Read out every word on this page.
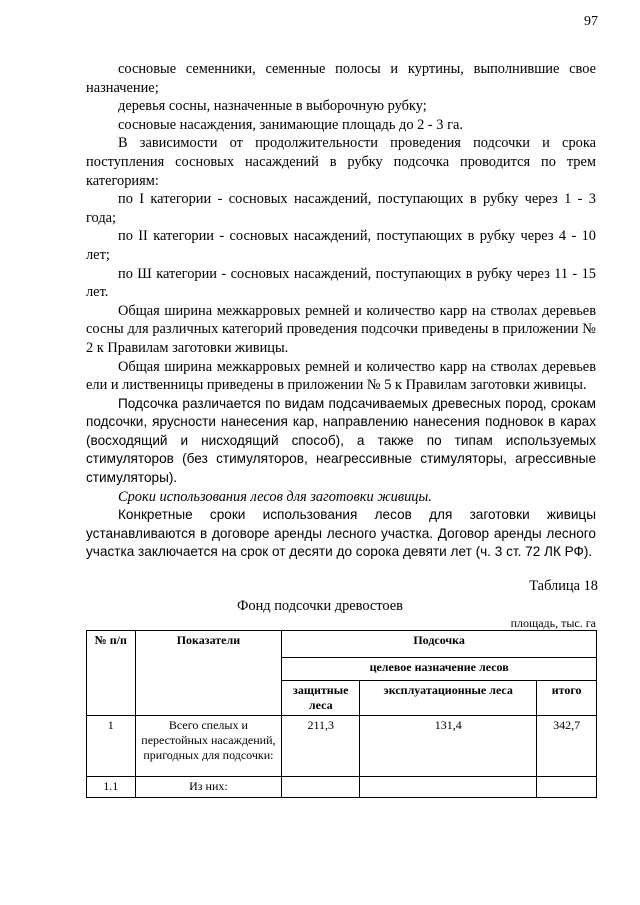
97

сосновые семенники, семенные полосы и куртины, выполнившие свое назначение;

деревья сосны, назначенные в выборочную рубку;

сосновые насаждения, занимающие площадь до 2 - 3 га.

В зависимости от продолжительности проведения подсочки и срока поступления сосновых насаждений в рубку подсочка проводится по трем категориям:

по I категории - сосновых насаждений, поступающих в рубку через 1 - 3 года;

по II категории - сосновых насаждений, поступающих в рубку через 4 - 10 лет;

по Ш категории - сосновых насаждений, поступающих в рубку через 11 - 15 лет.

Общая ширина межкарровых ремней и количество карр на стволах деревьев сосны для различных категорий проведения подсочки приведены в приложении № 2 к Правилам заготовки живицы.

Общая ширина межкарровых ремней и количество карр на стволах деревьев ели и лиственницы приведены в приложении № 5 к Правилам заготовки живицы.

Подсочка различается по видам подсачиваемых древесных пород, срокам подсочки, ярусности нанесения кар, направлению нанесения подновок в карах (восходящий и нисходящий способ), а также по типам используемых стимуляторов (без стимуляторов, неагрессивные стимуляторы, агрессивные стимуляторы).

Сроки использования лесов для заготовки живицы.

Конкретные сроки использования лесов для заготовки живицы устанавливаются в договоре аренды лесного участка. Договор аренды лесного участка заключается на срок от десяти до сорока девяти лет (ч. 3 ст. 72 ЛК РФ).

Таблица 18
Фонд подсочки древостоев
площадь, тыс. га
№ п/п	Показатели	Подсочка		
		целевое назначение лесов		
		защитные леса	эксплуатационные леса	итого
1	Всего спелых и перестойных насаждений, пригодных для подсочки:	211,3	131,4	342,7
1.1	Из них:			
